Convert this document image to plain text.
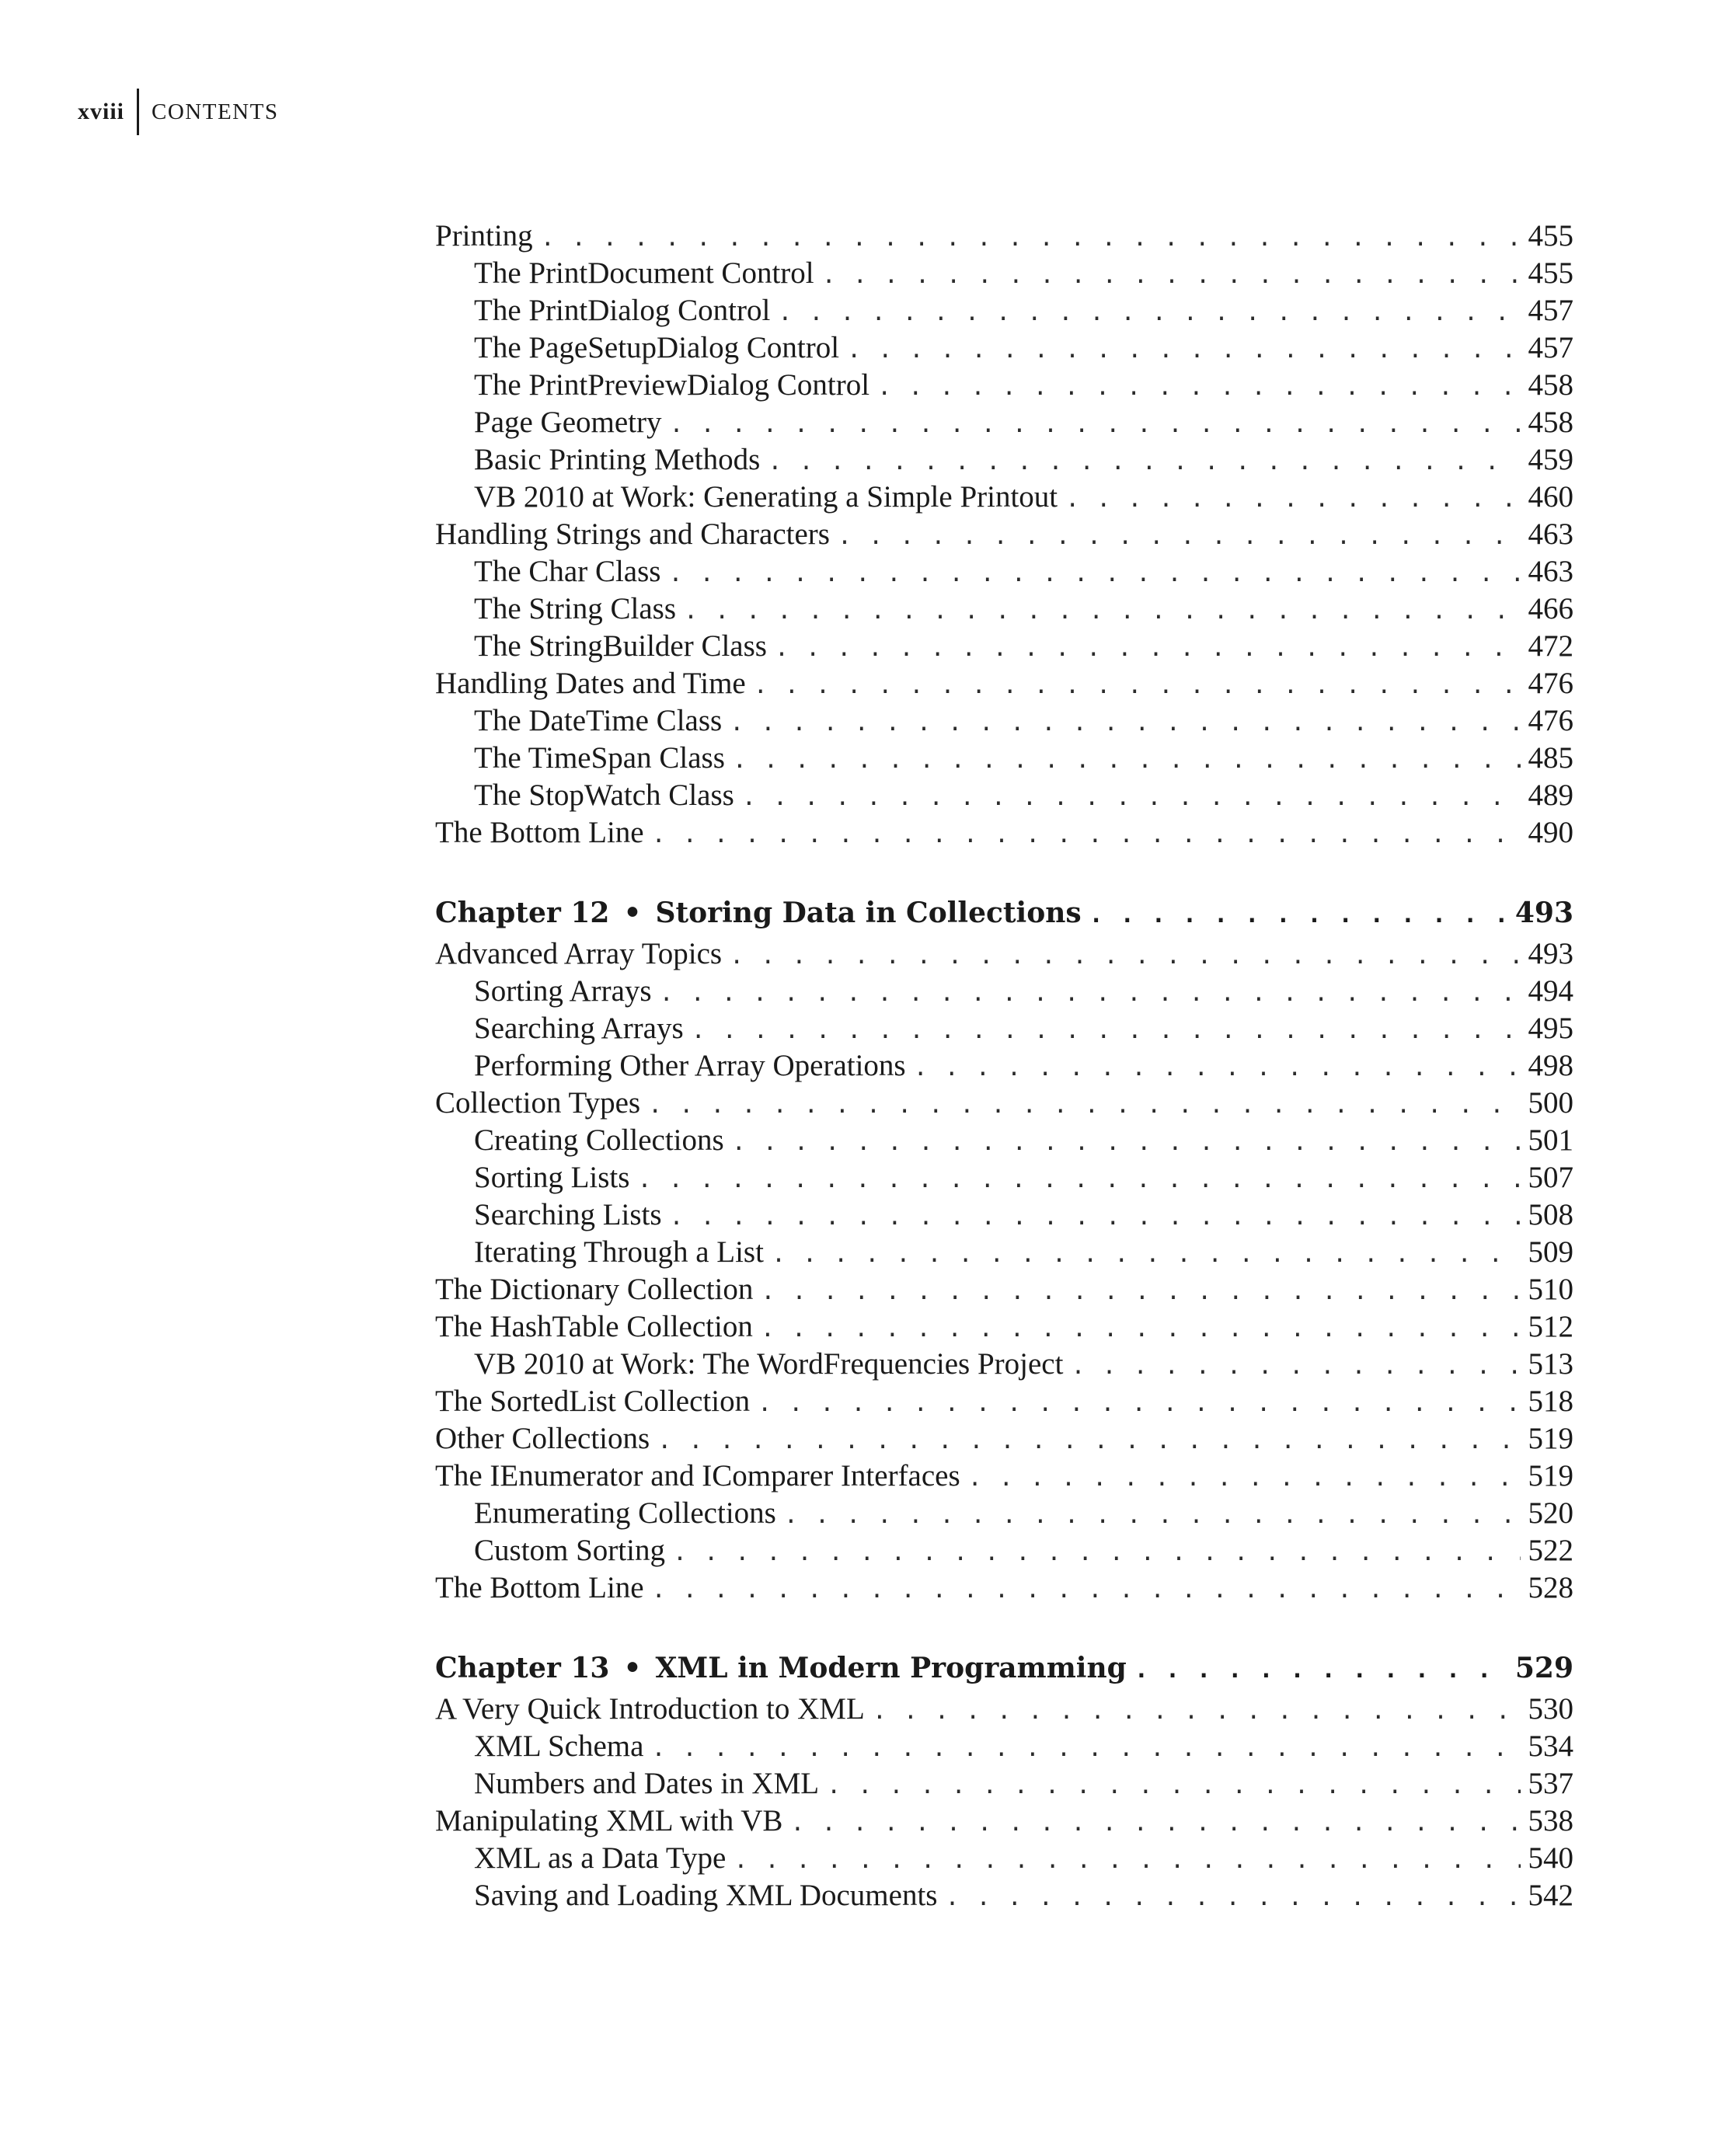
xviii	CONTENTS
Printing . . .	455
The PrintDocument Control . . .	455
The PrintDialog Control . . .	457
The PageSetupDialog Control . . .	457
The PrintPreviewDialog Control . . .	458
Page Geometry . . .	458
Basic Printing Methods . . .	459
VB 2010 at Work: Generating a Simple Printout . . .	460
Handling Strings and Characters . . .	463
The Char Class . . .	463
The String Class . . .	466
The StringBuilder Class . . .	472
Handling Dates and Time . . .	476
The DateTime Class . . .	476
The TimeSpan Class . . .	485
The StopWatch Class . . .	489
The Bottom Line . . .	490
Chapter 12 • Storing Data in Collections . . .	493
Advanced Array Topics . . .	493
Sorting Arrays . . .	494
Searching Arrays . . .	495
Performing Other Array Operations . . .	498
Collection Types . . .	500
Creating Collections . . .	501
Sorting Lists . . .	507
Searching Lists . . .	508
Iterating Through a List . . .	509
The Dictionary Collection . . .	510
The HashTable Collection . . .	512
VB 2010 at Work: The WordFrequencies Project . . .	513
The SortedList Collection . . .	518
Other Collections . . .	519
The IEnumerator and IComparer Interfaces . . .	519
Enumerating Collections . . .	520
Custom Sorting . . .	522
The Bottom Line . . .	528
Chapter 13 • XML in Modern Programming . . .	529
A Very Quick Introduction to XML . . .	530
XML Schema . . .	534
Numbers and Dates in XML . . .	537
Manipulating XML with VB . . .	538
XML as a Data Type . . .	540
Saving and Loading XML Documents . . .	542
